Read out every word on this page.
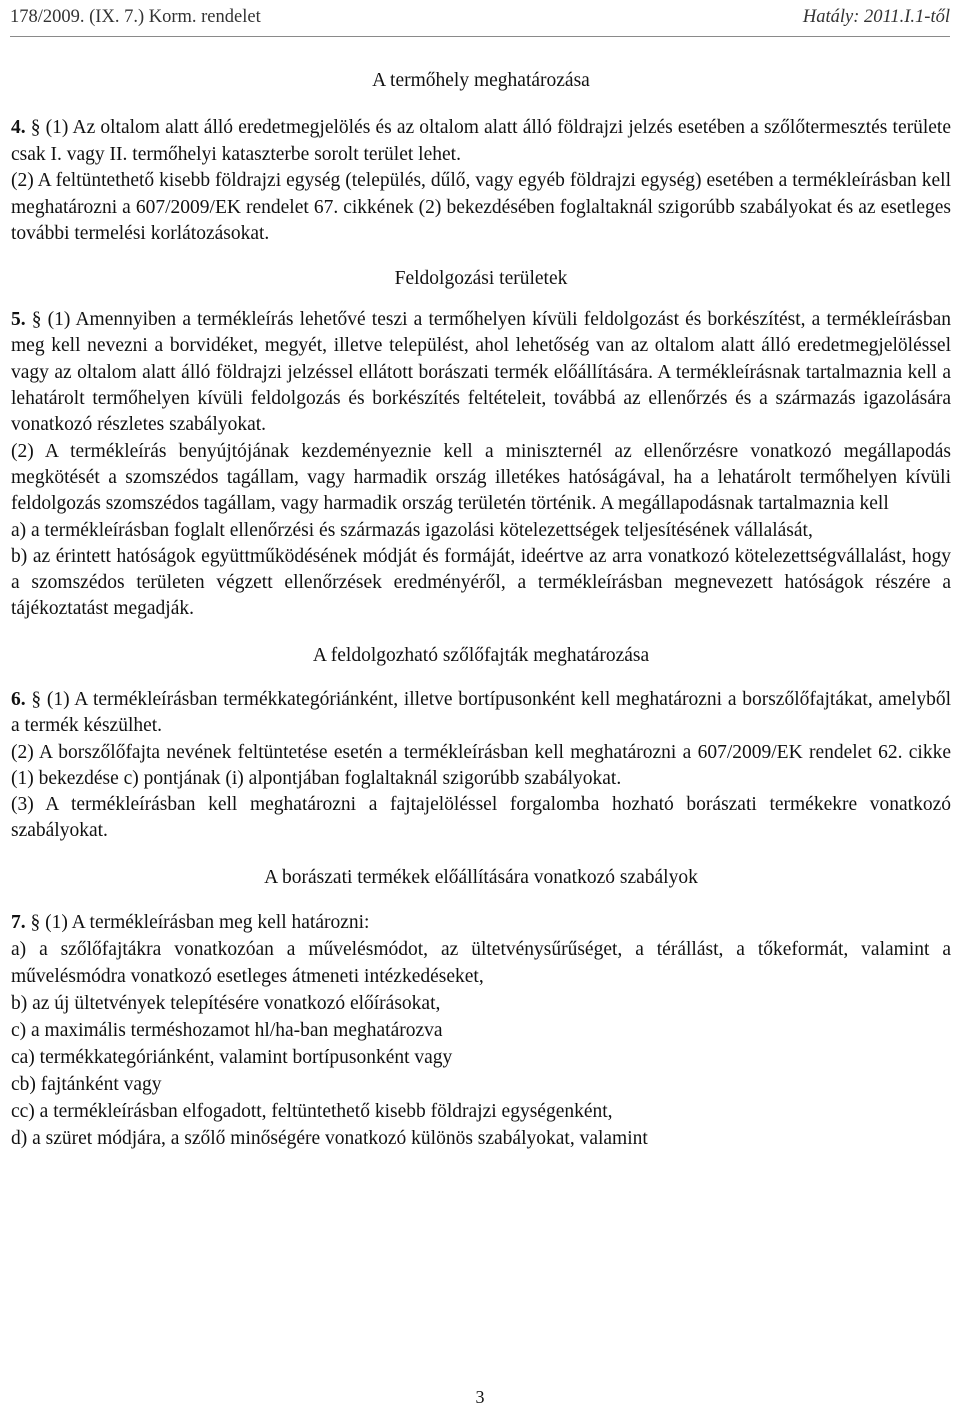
178/2009. (IX. 7.) Korm. rendelet	Hatály: 2011.I.1-től
A termőhely meghatározása

4. § (1) Az oltalom alatt álló eredetmegjelölés és az oltalom alatt álló földrajzi jelzés esetében a szőlőtermesztés területe csak I. vagy II. termőhelyi kataszterbe sorolt terület lehet.

(2) A feltüntethető kisebb földrajzi egység (település, dűlő, vagy egyéb földrajzi egység) esetében a termékleírásban kell meghatározni a 607/2009/EK rendelet 67. cikkének (2) bekezdésében foglaltaknál szigorúbb szabályokat és az esetleges további termelési korlátozásokat.

Feldolgozási területek

5. § (1) Amennyiben a termékleírás lehetővé teszi a termőhelyen kívüli feldolgozást és borkészítést, a termékleírásban meg kell nevezni a borvidéket, megyét, illetve települést, ahol lehetőség van az oltalom alatt álló eredetmegjelöléssel vagy az oltalom alatt álló földrajzi jelzéssel ellátott borászati termék előállítására. A termékleírásnak tartalmaznia kell a lehatárolt termőhelyen kívüli feldolgozás és borkészítés feltételeit, továbbá az ellenőrzés és a származás igazolására vonatkozó részletes szabályokat.

(2) A termékleírás benyújtójának kezdeményeznie kell a miniszternél az ellenőrzésre vonatkozó megállapodás megkötését a szomszédos tagállam, vagy harmadik ország illetékes hatóságával, ha a lehatárolt termőhelyen kívüli feldolgozás szomszédos tagállam, vagy harmadik ország területén történik. A megállapodásnak tartalmaznia kell

a) a termékleírásban foglalt ellenőrzési és származás igazolási kötelezettségek teljesítésének vállalását,

b) az érintett hatóságok együttműködésének módját és formáját, ideértve az arra vonatkozó kötelezettségvállalást, hogy a szomszédos területen végzett ellenőrzések eredményéről, a termékleírásban megnevezett hatóságok részére a tájékoztatást megadják.

A feldolgozható szőlőfajták meghatározása

6. § (1) A termékleírásban termékkategóriánként, illetve bortípusonként kell meghatározni a borszőlőfajtákat, amelyből a termék készülhet.

(2) A borszőlőfajta nevének feltüntetése esetén a termékleírásban kell meghatározni a 607/2009/EK rendelet 62. cikke (1) bekezdése c) pontjának (i) alpontjában foglaltaknál szigorúbb szabályokat.

(3) A termékleírásban kell meghatározni a fajtajelöléssel forgalomba hozható borászati termékekre vonatkozó szabályokat.

A borászati termékek előállítására vonatkozó szabályok

7. § (1) A termékleírásban meg kell határozni:

a) a szőlőfajtákra vonatkozóan a művelésmódot, az ültetvénysűrűséget, a térállást, a tőkeformát, valamint a művelésmódra vonatkozó esetleges átmeneti intézkedéseket,

b) az új ültetvények telepítésére vonatkozó előírásokat,

c) a maximális terméshozamot hl/ha-ban meghatározva

ca) termékkategóriánként, valamint bortípusonként vagy

cb) fajtánként vagy

cc) a termékleírásban elfogadott, feltüntethető kisebb földrajzi egységenként,

d) a szüret módjára, a szőlő minőségére vonatkozó különös szabályokat, valamint

3
